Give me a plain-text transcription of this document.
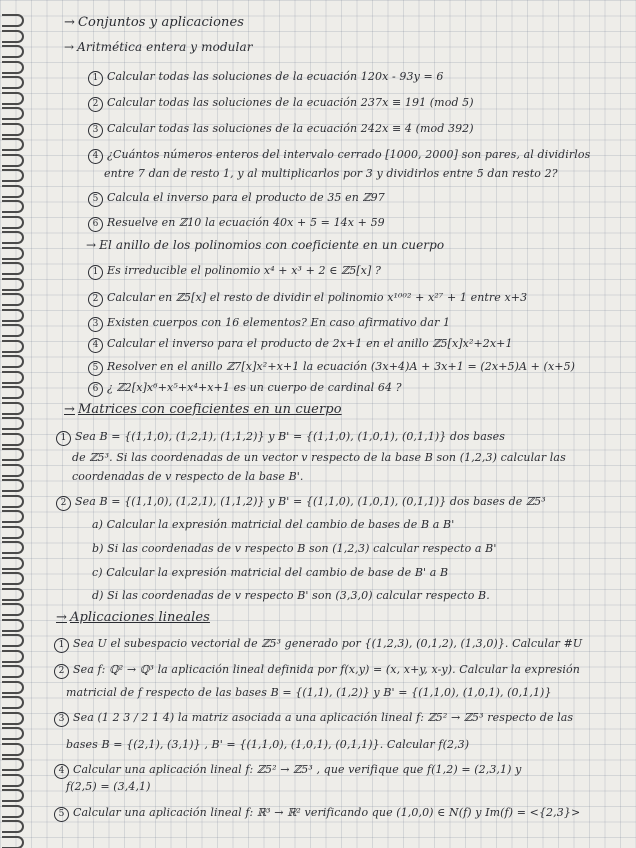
→ Conjuntos y aplicaciones
→ Aritmética entera y modular
1 Calcular todas las soluciones de la ecuación 120x - 93y = 6
2 Calcular todas las soluciones de la ecuación 237x ≡ 191 (mod 5)
3 Calcular todas las soluciones de la ecuación 242x ≡ 4 (mod 392)
4 ¿Cuántos números enteros del intervalo cerrado [1000, 2000] son pares, al dividirlos
entre 7 dan de resto 1, y al multiplicarlos por 3 y dividirlos entre 5 dan resto 2?
5 Calcula el inverso para el producto de 35 en ℤ97
6 Resuelve en ℤ10 la ecuación 40x + 5 = 14x + 59
→ El anillo de los polinomios con coeficiente en un cuerpo
1 Es irreducible el polinomio x⁴ + x³ + 2 ∈ ℤ5[x] ?
2 Calcular en ℤ5[x] el resto de dividir el polinomio x¹⁰⁰² + x²⁷ + 1 entre x+3
3 Existen cuerpos con 16 elementos? En caso afirmativo dar 1
4 Calcular el inverso para el producto de 2x+1 en el anillo ℤ5[x]x²+2x+1
5 Resolver en el anillo ℤ7[x]x²+x+1 la ecuación (3x+4)A + 3x+1 = (2x+5)A + (x+5)
6 ¿ ℤ2[x]x⁶+x⁵+x⁴+x+1 es un cuerpo de cardinal 64 ?
→ Matrices con coeficientes en un cuerpo
1 Sea B = {(1,1,0), (1,2,1), (1,1,2)} y B' = {(1,1,0), (1,0,1), (0,1,1)} dos bases
de ℤ5³. Si las coordenadas de un vector v respecto de la base B son (1,2,3) calcular las
coordenadas de v respecto de la base B'.
2 Sea B = {(1,1,0), (1,2,1), (1,1,2)} y B' = {(1,1,0), (1,0,1), (0,1,1)} dos bases de ℤ5³
a) Calcular la expresión matricial del cambio de bases de B a B'
b) Si las coordenadas de v respecto B son (1,2,3) calcular respecto a B'
c) Calcular la expresión matricial del cambio de base de B' a B
d) Si las coordenadas de v respecto B' son (3,3,0) calcular respecto B.
→ Aplicaciones lineales
1 Sea U el subespacio vectorial de ℤ5³ generado por {(1,2,3), (0,1,2), (1,3,0)}. Calcular #U
2 Sea f: ℚ² → ℚ³ la aplicación lineal definida por f(x,y) = (x, x+y, x-y). Calcular la expresión
matricial de f respecto de las bases B = {(1,1), (1,2)} y B' = {(1,1,0), (1,0,1), (0,1,1)}
3 Sea (1 2 3 / 2 1 4) la matriz asociada a una aplicación lineal f: ℤ5² → ℤ5³ respecto de las
bases B = {(2,1), (3,1)} , B' = {(1,1,0), (1,0,1), (0,1,1)}. Calcular f(2,3)
4 Calcular una aplicación lineal f: ℤ5² → ℤ5³ , que verifique que f(1,2) = (2,3,1) y
f(2,5) = (3,4,1)
5 Calcular una aplicación lineal f: ℝ³ → ℝ² verificando que (1,0,0) ∈ N(f) y Im(f) = <{2,3}>
